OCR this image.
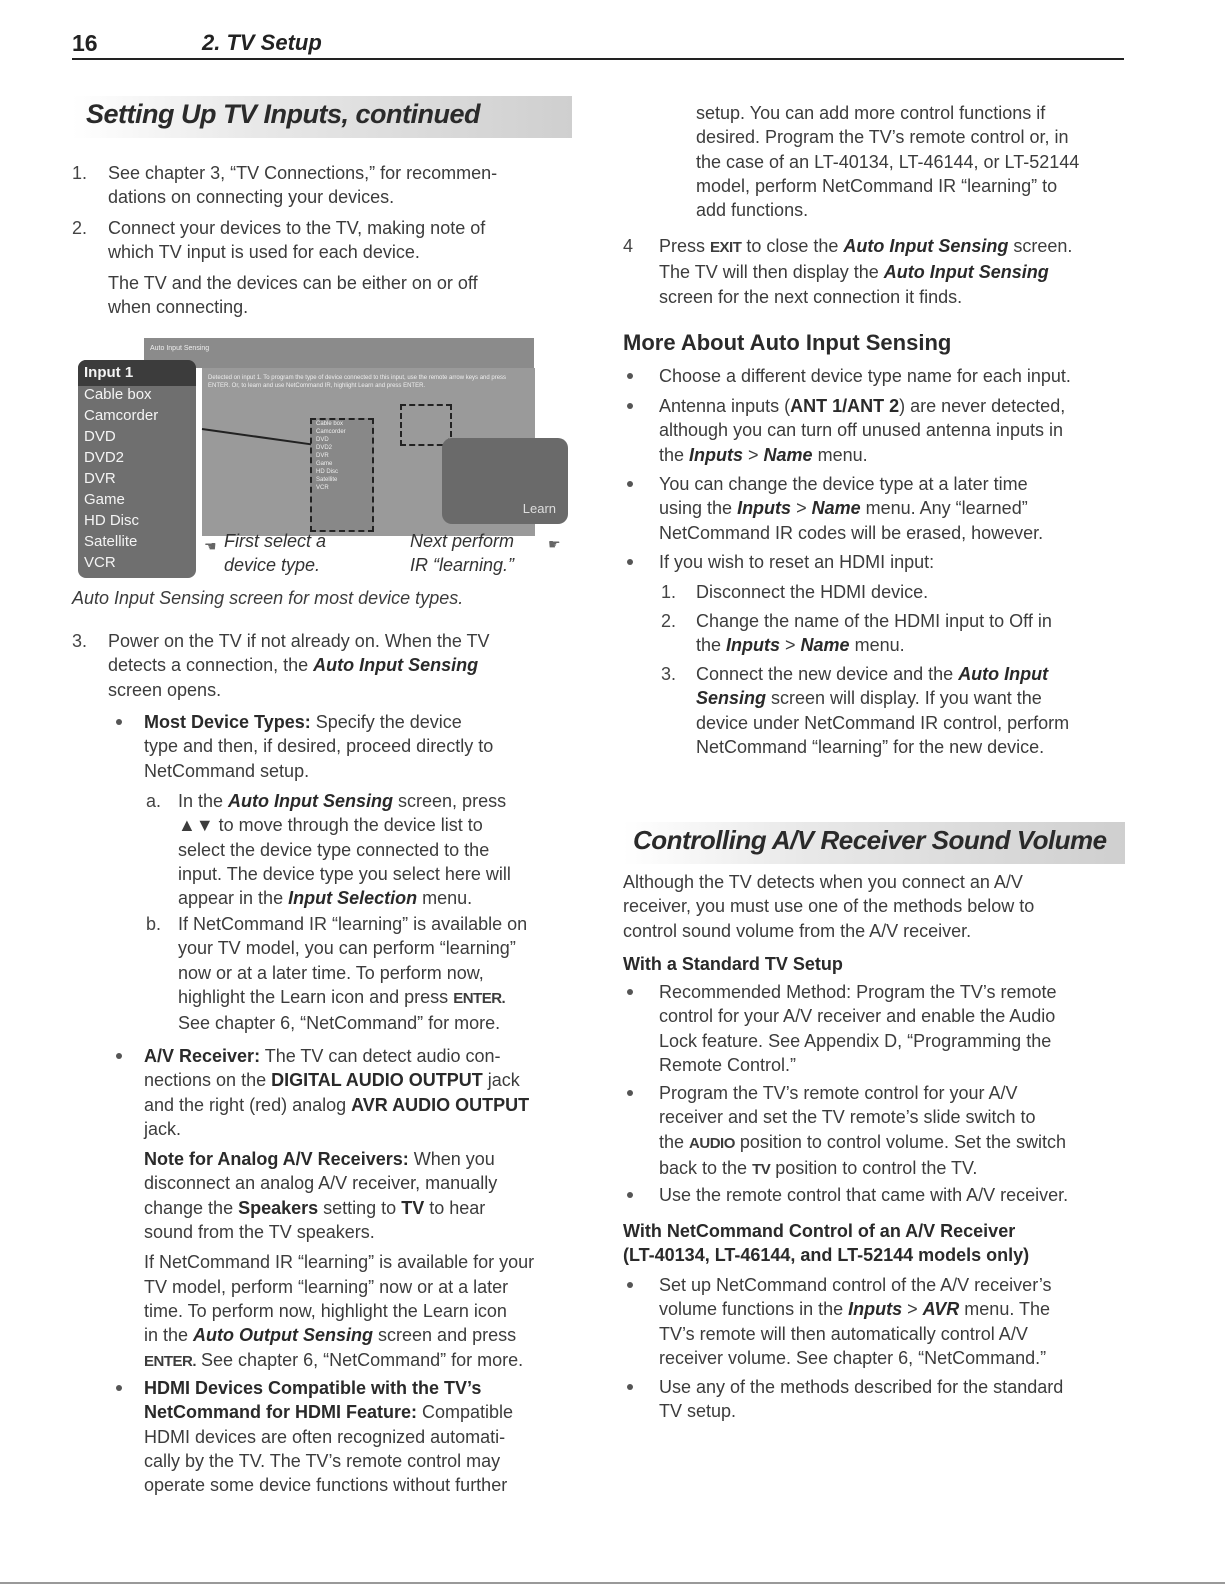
16	2. TV Setup
Setting Up TV Inputs, continued
1. See chapter 3, “TV Connections,” for recommen-
dations on connecting your devices.
2. Connect your devices to the TV, making note of
which TV input is used for each device.
The TV and the devices can be either on or off
when connecting.
Auto Input Sensing
Detected on input 1. To program the type of device connected to this input, use the remote arrow keys and press ENTER. Or, to learn and use NetCommand IR, highlight Learn and press ENTER.
Input 1
Cable box
Camcorder
DVD
DVD2
DVR
Game
HD Disc
Satellite
VCR
Cable box
Camcorder
DVD
DVD2
DVR
Game
HD Disc
Satellite
VCR
Learn
☚ First select a
device type.
Next perform
IR “learning.”
☛
Auto Input Sensing screen for most device types.
3. Power on the TV if not already on. When the TV
detects a connection, the Auto Input Sensing
screen opens.
Most Device Types: Specify the device
type and then, if desired, proceed directly to
NetCommand setup.
a. In the Auto Input Sensing screen, press
▲▼ to move through the device list to
select the device type connected to the
input. The device type you select here will
appear in the Input Selection menu.
b. If NetCommand IR “learning” is available on
your TV model, you can perform “learning”
now or at a later time. To perform now,
highlight the Learn icon and press ENTER.
See chapter 6, “NetCommand” for more.
A/V Receiver: The TV can detect audio con-
nections on the DIGITAL AUDIO OUTPUT jack
and the right (red) analog AVR AUDIO OUTPUT
jack.
Note for Analog A/V Receivers: When you
disconnect an analog A/V receiver, manually
change the Speakers setting to TV to hear
sound from the TV speakers.
If NetCommand IR “learning” is available for your
TV model, perform “learning” now or at a later
time. To perform now, highlight the Learn icon
in the Auto Output Sensing screen and press
ENTER. See chapter 6, “NetCommand” for more.
HDMI Devices Compatible with the TV’s
NetCommand for HDMI Feature: Compatible
HDMI devices are often recognized automati-
cally by the TV. The TV’s remote control may
operate some device functions without further
setup. You can add more control functions if
desired. Program the TV’s remote control or, in
the case of an LT-40134, LT-46144, or LT-52144
model, perform NetCommand IR “learning” to
add functions.
4 Press EXIT to close the Auto Input Sensing screen.
The TV will then display the Auto Input Sensing
screen for the next connection it finds.
More About Auto Input Sensing
Choose a different device type name for each input.
Antenna inputs (ANT 1/ANT 2) are never detected,
although you can turn off unused antenna inputs in
the Inputs > Name menu.
You can change the device type at a later time
using the Inputs > Name menu. Any “learned”
NetCommand IR codes will be erased, however.
If you wish to reset an HDMI input:
1. Disconnect the HDMI device.
2. Change the name of the HDMI input to Off in
the Inputs > Name menu.
3. Connect the new device and the Auto Input
Sensing screen will display. If you want the
device under NetCommand IR control, perform
NetCommand “learning” for the new device.
Controlling A/V Receiver Sound Volume
Although the TV detects when you connect an A/V
receiver, you must use one of the methods below to
control sound volume from the A/V receiver.
With a Standard TV Setup
Recommended Method: Program the TV’s remote
control for your A/V receiver and enable the Audio
Lock feature. See Appendix D, “Programming the
Remote Control.”
Program the TV’s remote control for your A/V
receiver and set the TV remote’s slide switch to
the AUDIO position to control volume. Set the switch
back to the TV position to control the TV.
Use the remote control that came with A/V receiver.
With NetCommand Control of an A/V Receiver
(LT-40134, LT-46144, and LT-52144 models only)
Set up NetCommand control of the A/V receiver’s
volume functions in the Inputs > AVR menu. The
TV’s remote will then automatically control A/V
receiver volume. See chapter 6, “NetCommand.”
Use any of the methods described for the standard
TV setup.
